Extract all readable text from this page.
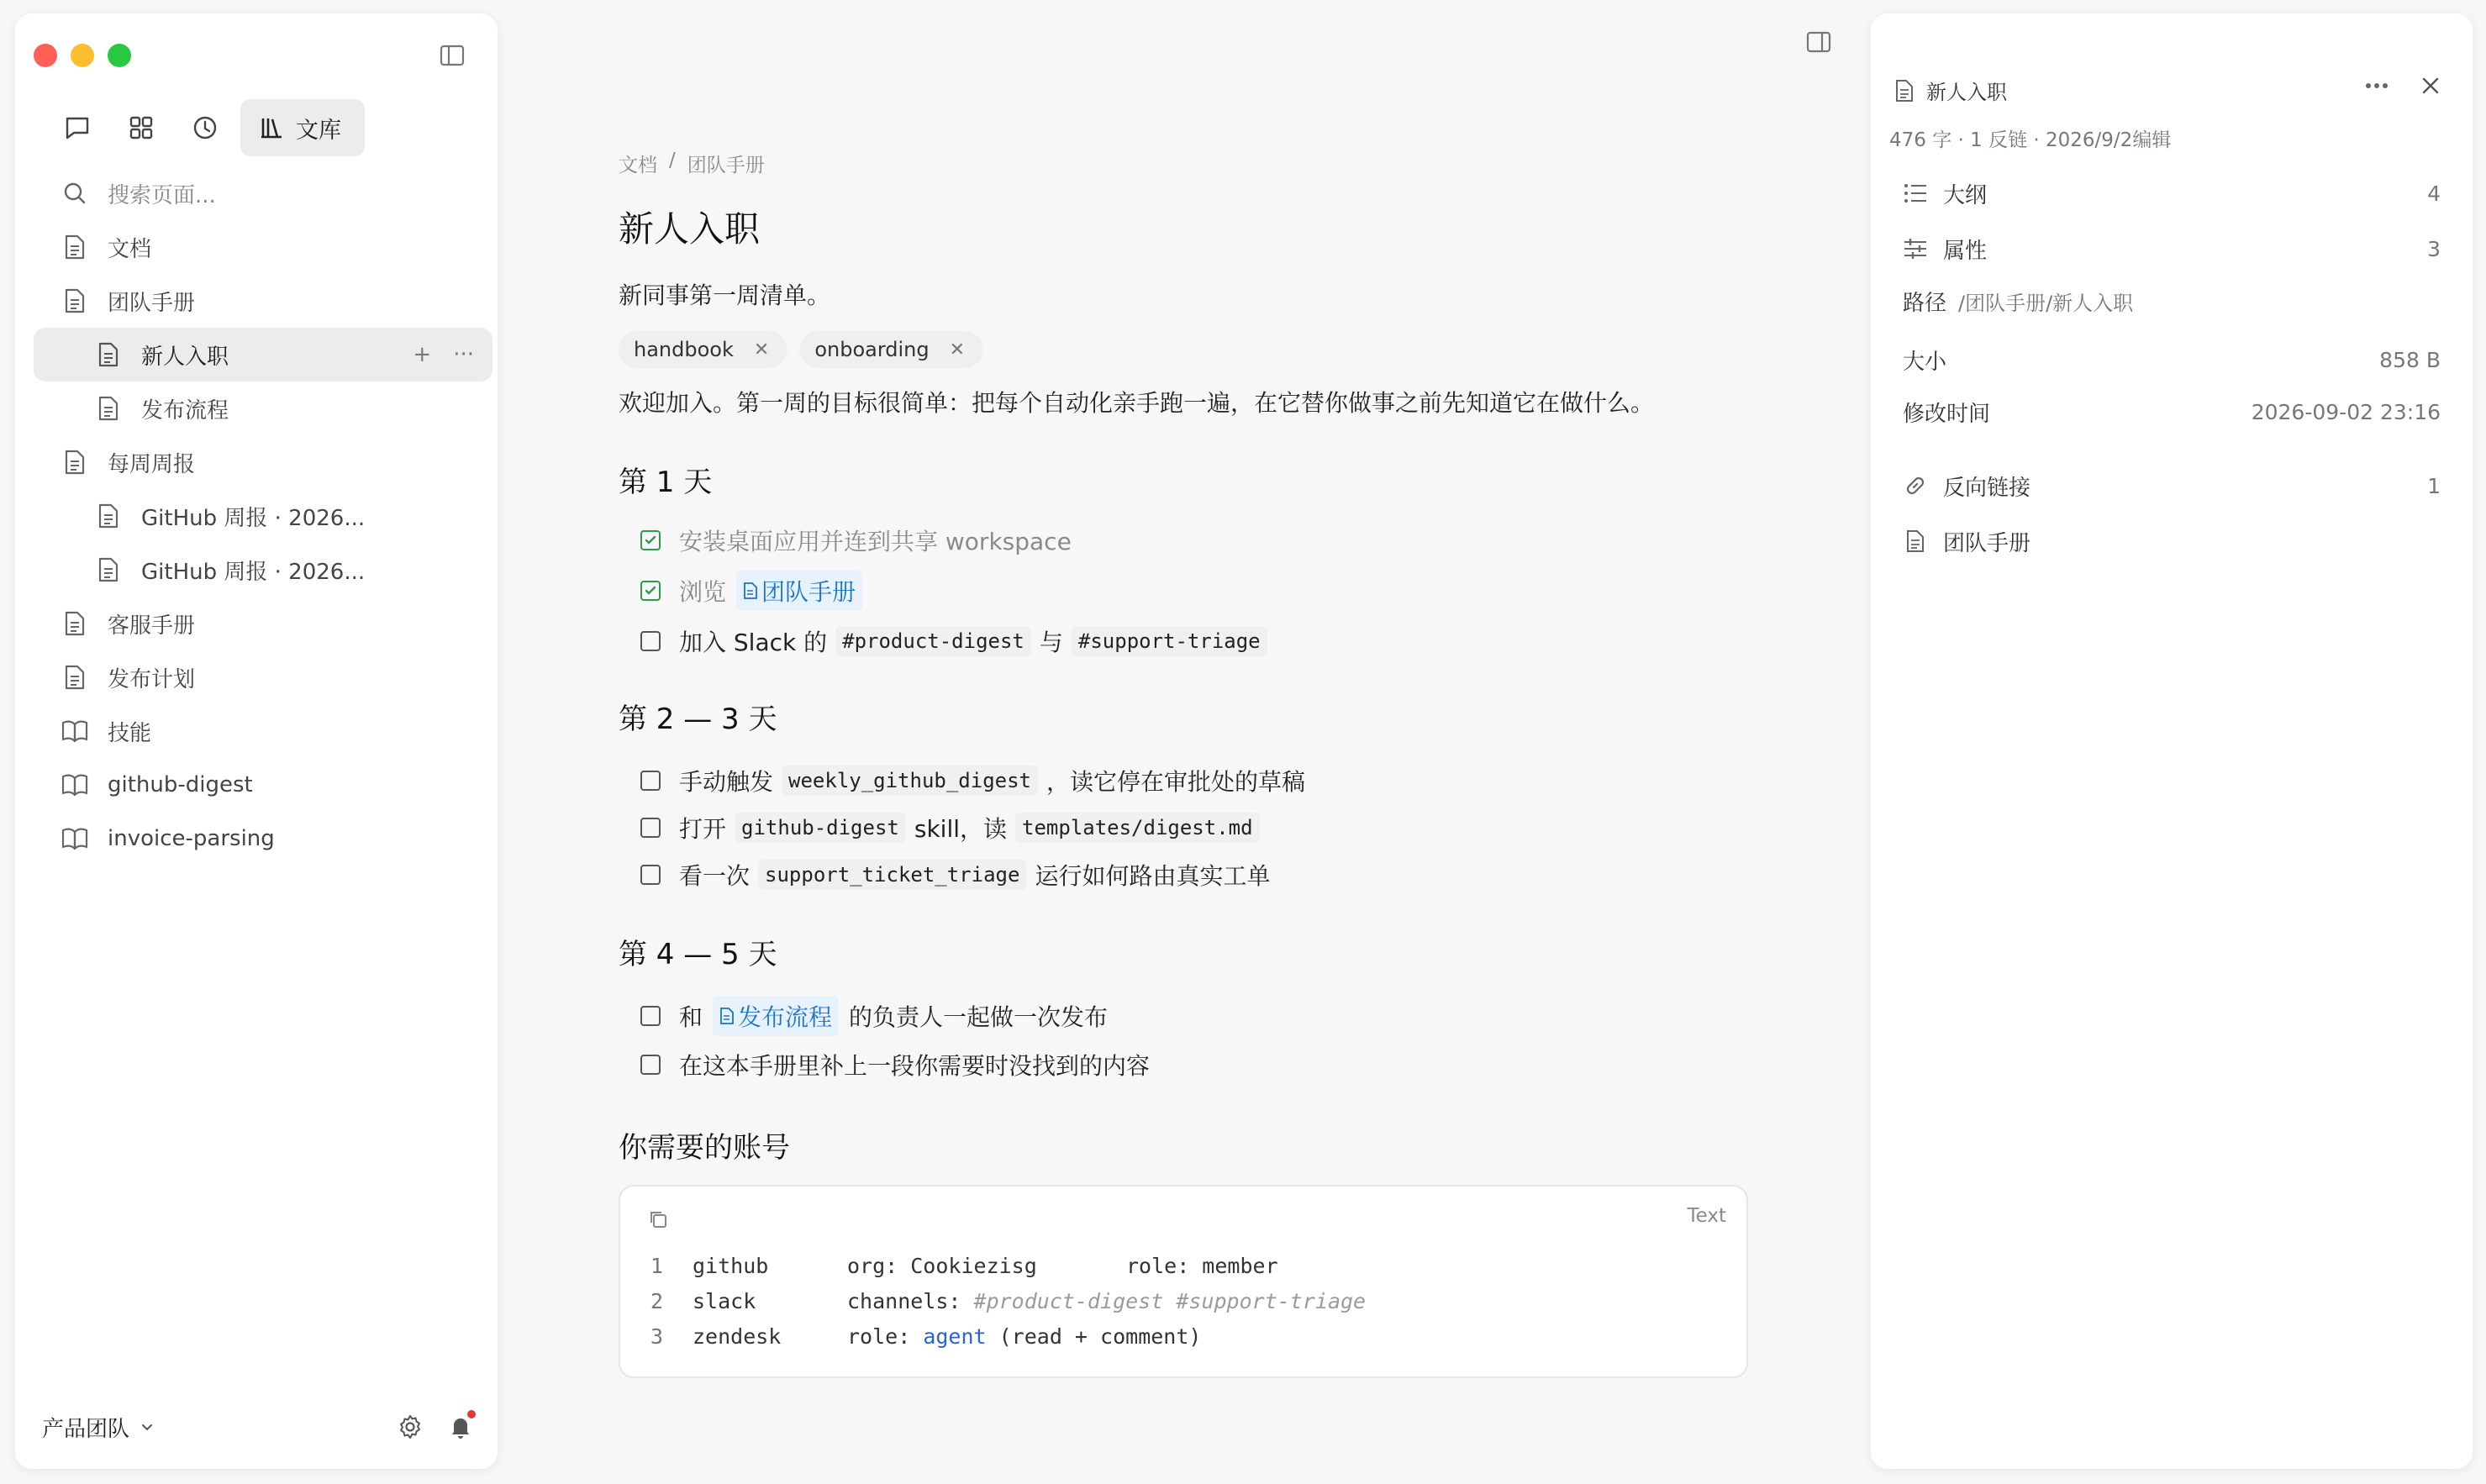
文库
搜索页面...
文档
团队手册
新人入职	+ ···
发布流程
每周周报
GitHub 周报 · 2026...
GitHub 周报 · 2026...
客服手册
发布计划
技能
github-digest
invoice-parsing
产品团队
文档 / 团队手册
新人入职
新同事第一周清单。
handbook ✕ onboarding ✕
欢迎加入。第一周的目标很简单：把每个自动化亲手跑一遍，在它替你做事之前先知道它在做什么。
第 1 天
安装桌面应用并连到共享 workspace
浏览 团队手册
加入 Slack 的 #product-digest 与 #support-triage
第 2 — 3 天
手动触发 weekly_github_digest ，读它停在审批处的草稿
打开 github-digest skill，读 templates/digest.md
看一次 support_ticket_triage 运行如何路由真实工单
第 4 — 5 天
和 发布流程 的负责人一起做一次发布
在这本手册里补上一段你需要时没找到的内容
你需要的账号
Text
1	github	org: Cookiezisg	role: member
2	slack	channels: #product-digest #support-triage
3	zendesk	role: agent (read + comment)
新人入职
476 字 · 1 反链 · 2026/9/2编辑
大纲	4
属性	3
路径 /团队手册/新人入职
大小	858 B
修改时间	2026-09-02 23:16
反向链接	1
团队手册
